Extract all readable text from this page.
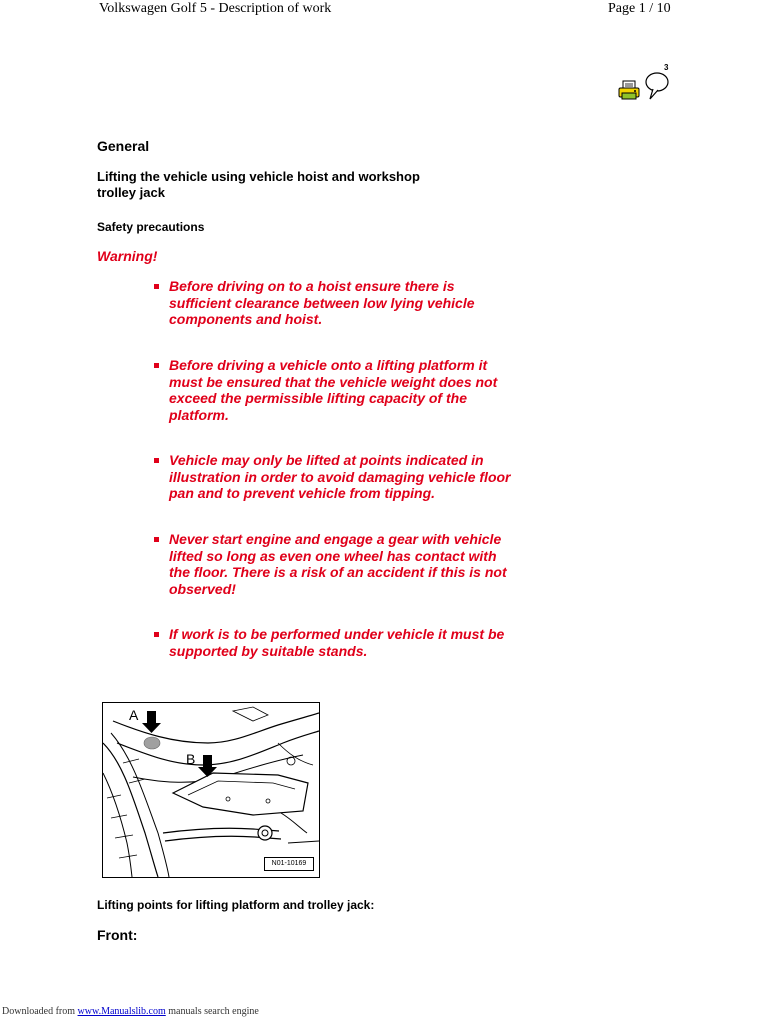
Volkswagen Golf 5 - Description of work	Page 1 / 10
3
General
Lifting the vehicle using vehicle hoist and workshop trolley jack
Safety precautions
Warning!
Before driving on to a hoist ensure there is sufficient clearance between low lying vehicle components and hoist.
Before driving a vehicle onto a lifting platform it must be ensured that the vehicle weight does not exceed the permissible lifting capacity of the platform.
Vehicle may only be lifted at points indicated in illustration in order to avoid damaging vehicle floor pan and to prevent vehicle from tipping.
Never start engine and engage a gear with vehicle lifted so long as even one wheel has contact with the floor. There is a risk of an accident if this is not observed!
If work is to be performed under vehicle it must be supported by suitable stands.
A
B
N01-10169
Lifting points for lifting platform and trolley jack:
Front:
Downloaded from www.Manualslib.com manuals search engine
